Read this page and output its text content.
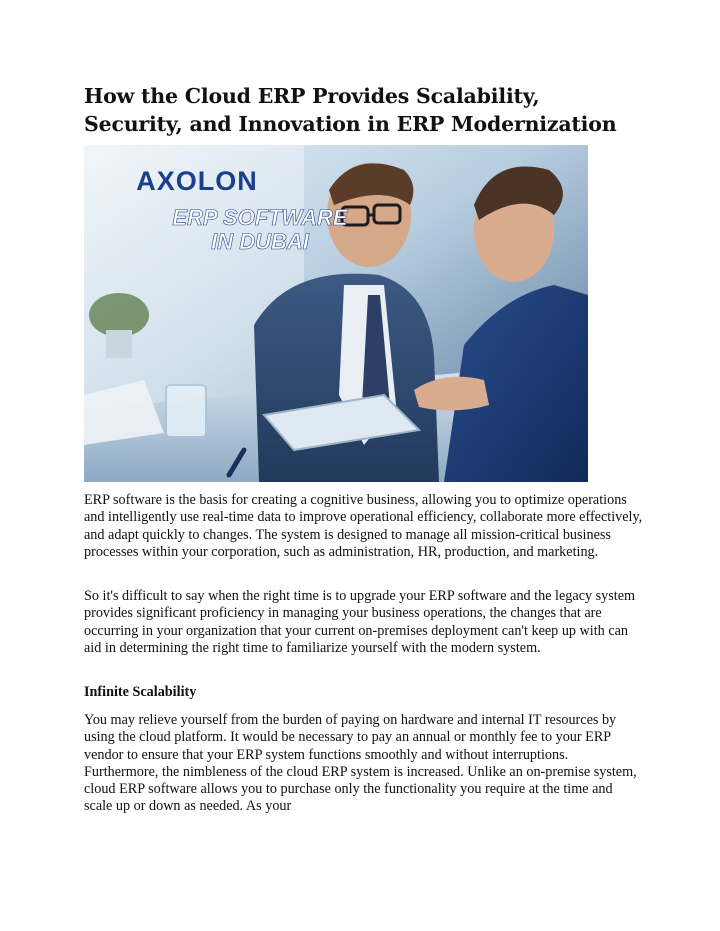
How the Cloud ERP Provides Scalability, Security, and Innovation in ERP Modernization
AXOLON
ERP SOFTWARE
IN DUBAI

ERP software is the basis for creating a cognitive business, allowing you to optimize operations and intelligently use real-time data to improve operational efficiency, collaborate more effectively, and adapt quickly to changes. The system is designed to manage all mission-critical business processes within your corporation, such as administration, HR, production, and marketing.

So it's difficult to say when the right time is to upgrade your ERP software and the legacy system provides significant proficiency in managing your business operations, the changes that are occurring in your organization that your current on-premises deployment can't keep up with can aid in determining the right time to familiarize yourself with the modern system.

Infinite Scalability

You may relieve yourself from the burden of paying on hardware and internal IT resources by using the cloud platform. It would be necessary to pay an annual or monthly fee to your ERP vendor to ensure that your ERP system functions smoothly and without interruptions. Furthermore, the nimbleness of the cloud ERP system is increased. Unlike an on-premise system, cloud ERP software allows you to purchase only the functionality you require at the time and scale up or down as needed. As your
